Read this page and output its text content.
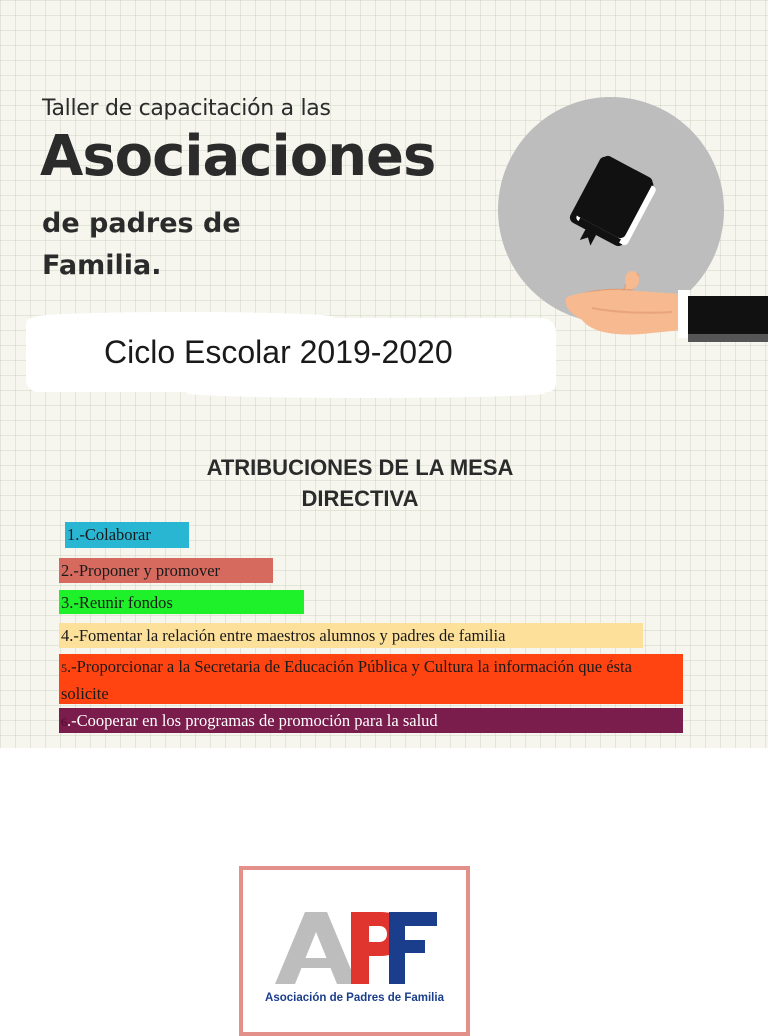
Taller de capacitación a las
Asociaciones
de padres de
Familia.
Ciclo Escolar 2019-2020
ATRIBUCIONES DE LA MESA
DIRECTIVA
1.-Colaborar
2.-Proponer y promover
3.-Reunir fondos
4.-Fomentar la relación entre maestros alumnos y padres de familia
5.-Proporcionar a la Secretaria de Educación Pública y Cultura la información que ésta solicite
6.-Cooperar en los programas de promoción para la salud
Asociación de Padres de Familia
